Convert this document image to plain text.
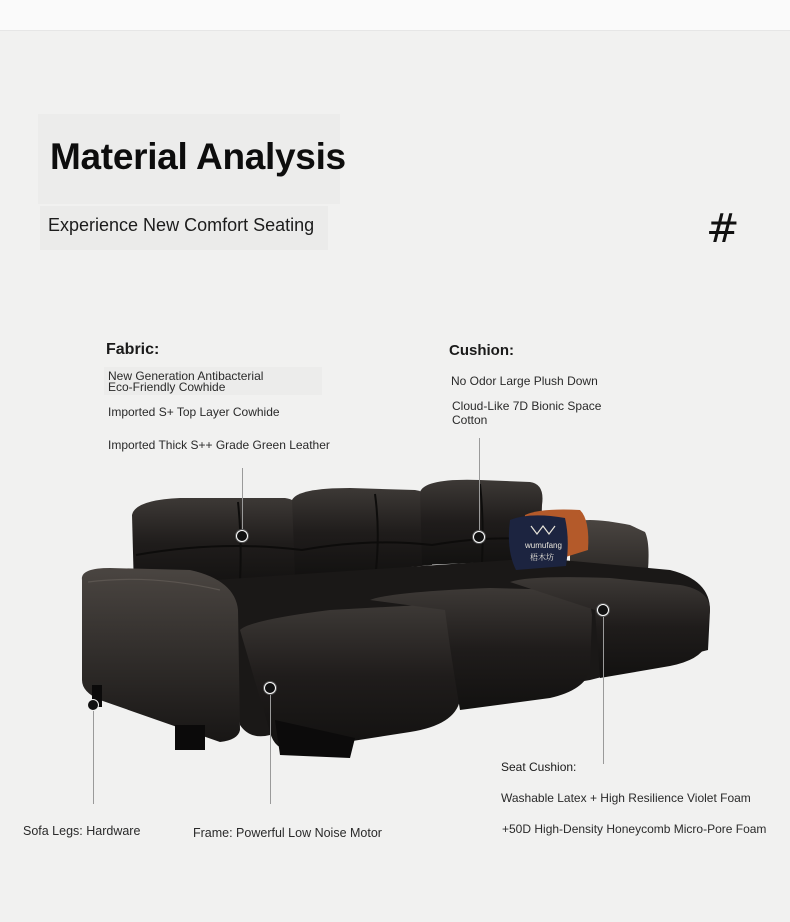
Material Analysis
Experience New Comfort Seating	#
Fabric:
New Generation Antibacterial
Eco-Friendly Cowhide
Imported S+ Top Layer Cowhide
Imported Thick S++ Grade Green Leather
Cushion:
No Odor Large Plush Down
Cloud-Like 7D Bionic Space
Cotton
wumufang
梧木坊
Seat Cushion:
Washable Latex + High Resilience Violet Foam
+50D High-Density Honeycomb Micro-Pore Foam
Sofa Legs: Hardware	Frame: Powerful Low Noise Motor
